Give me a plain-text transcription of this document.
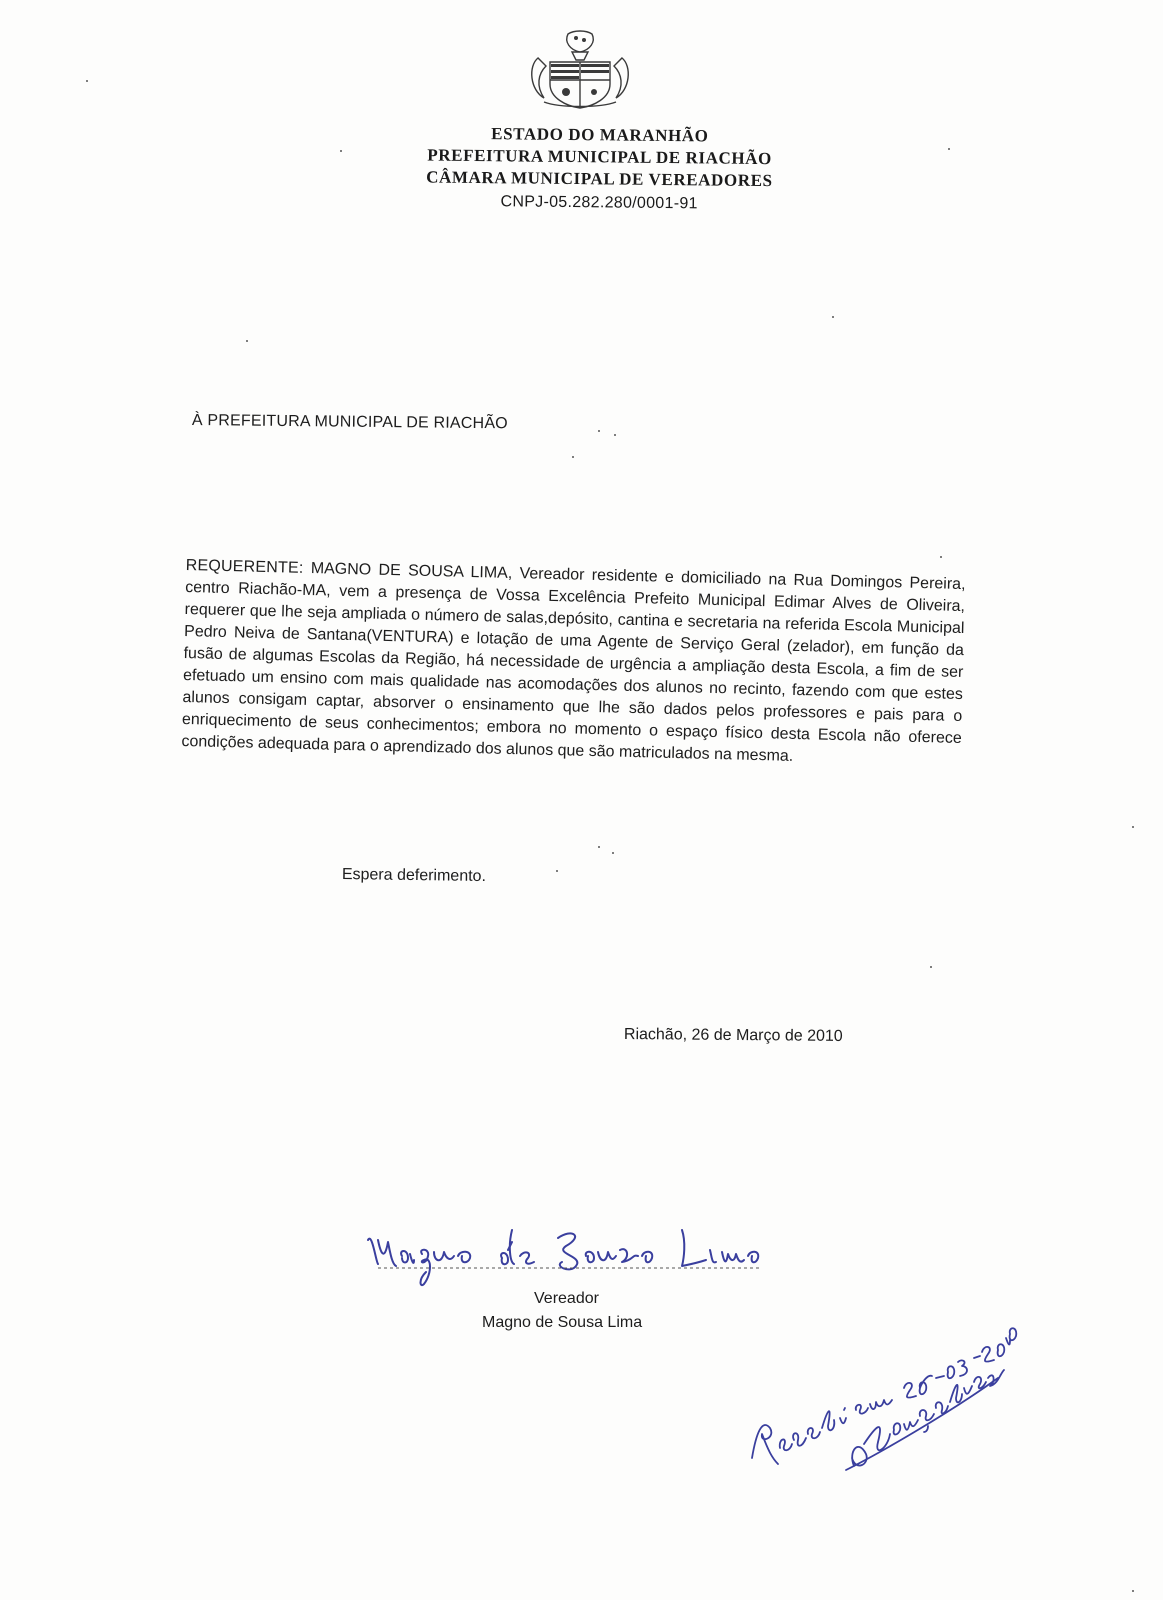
ESTADO DO MARANHÃO
PREFEITURA MUNICIPAL DE RIACHÃO
CÂMARA MUNICIPAL DE VEREADORES
CNPJ-05.282.280/0001-91
À PREFEITURA MUNICIPAL DE RIACHÃO
REQUERENTE: MAGNO DE SOUSA LIMA, Vereador residente e domiciliado na Rua Domingos Pereira, centro Riachão-MA, vem a presença de Vossa Excelência Prefeito Municipal Edimar Alves de Oliveira, requerer que lhe seja ampliada o número de salas,depósito, cantina e secretaria na referida Escola Municipal Pedro Neiva de Santana(VENTURA) e lotação de uma Agente de Serviço Geral (zelador), em função da fusão de algumas Escolas da Região, há necessidade de urgência a ampliação desta Escola, a fim de ser efetuado um ensino com mais qualidade nas acomodações dos alunos no recinto, fazendo com que estes alunos consigam captar, absorver o ensinamento que lhe são dados pelos professores e pais para o enriquecimento de seus conhecimentos; embora no momento o espaço físico desta Escola não oferece condições adequada para o aprendizado dos alunos que são matriculados na mesma.
Espera deferimento.
Riachão, 26 de Março de 2010
Vereador
Magno de Sousa Lima
